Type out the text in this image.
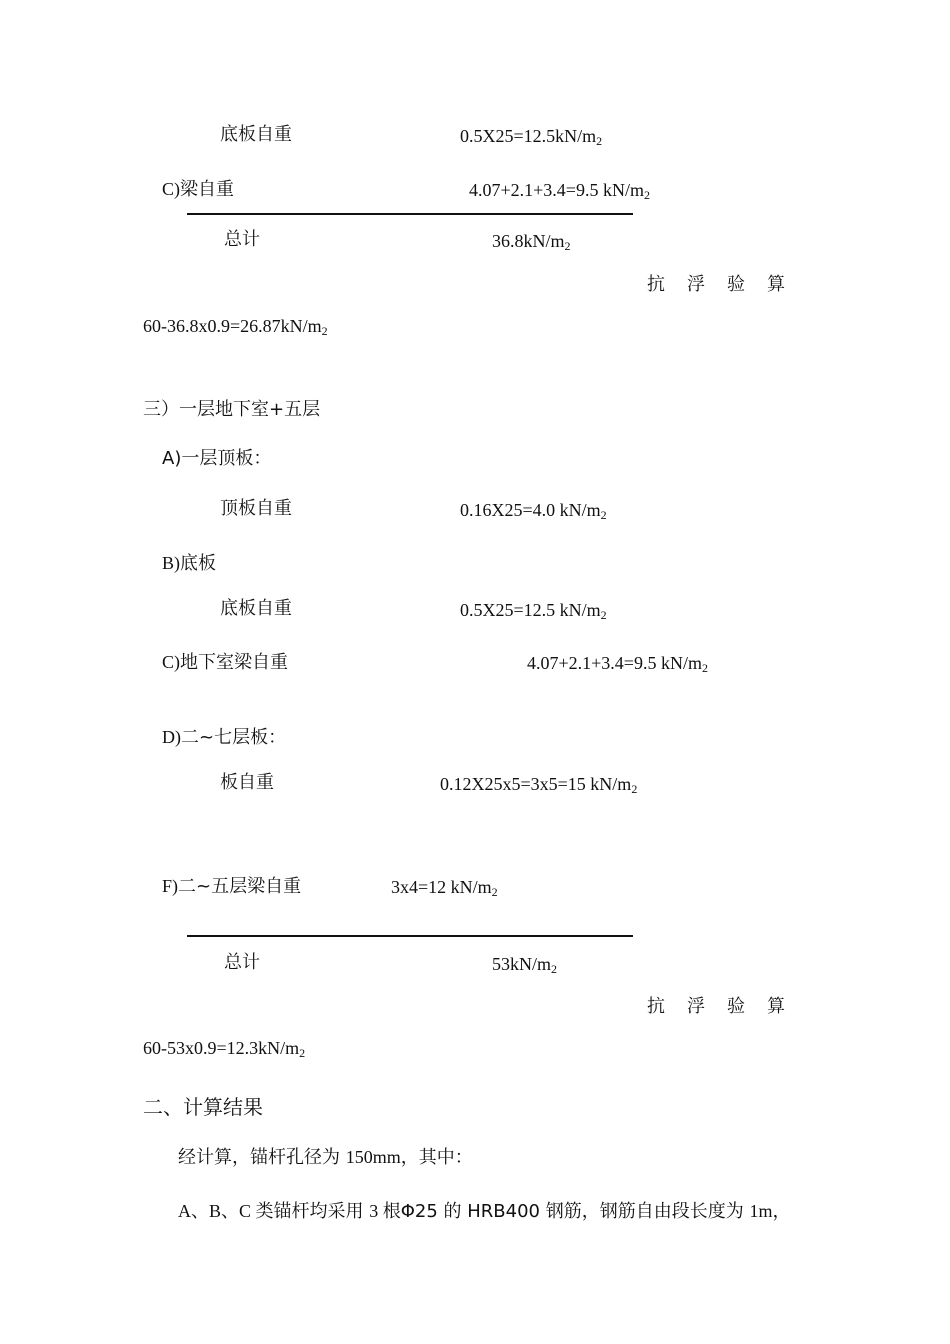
底板自重	0.5X25=12.5kN/m2
C)梁自重	4.07+2.1+3.4=9.5 kN/m2
总计	36.8kN/m2
抗浮验算
60-36.8x0.9=26.87kN/m2
三）一层地下室+五层
A)一层顶板：
顶板自重	0.16X25=4.0 kN/m2
B)底板
底板自重	0.5X25=12.5 kN/m2
C)地下室梁自重	4.07+2.1+3.4=9.5 kN/m2
D)二~七层板：
板自重	0.12X25x5=3x5=15 kN/m2
F)二~五层梁自重	3x4=12 kN/m2
总计	53kN/m2
抗浮验算
60-53x0.9=12.3kN/m2
二、计算结果
经计算，锚杆孔径为 150mm，其中：
A、B、C 类锚杆均采用 3 根Φ25 的 HRB400 钢筋，钢筋自由段长度为 1m，
